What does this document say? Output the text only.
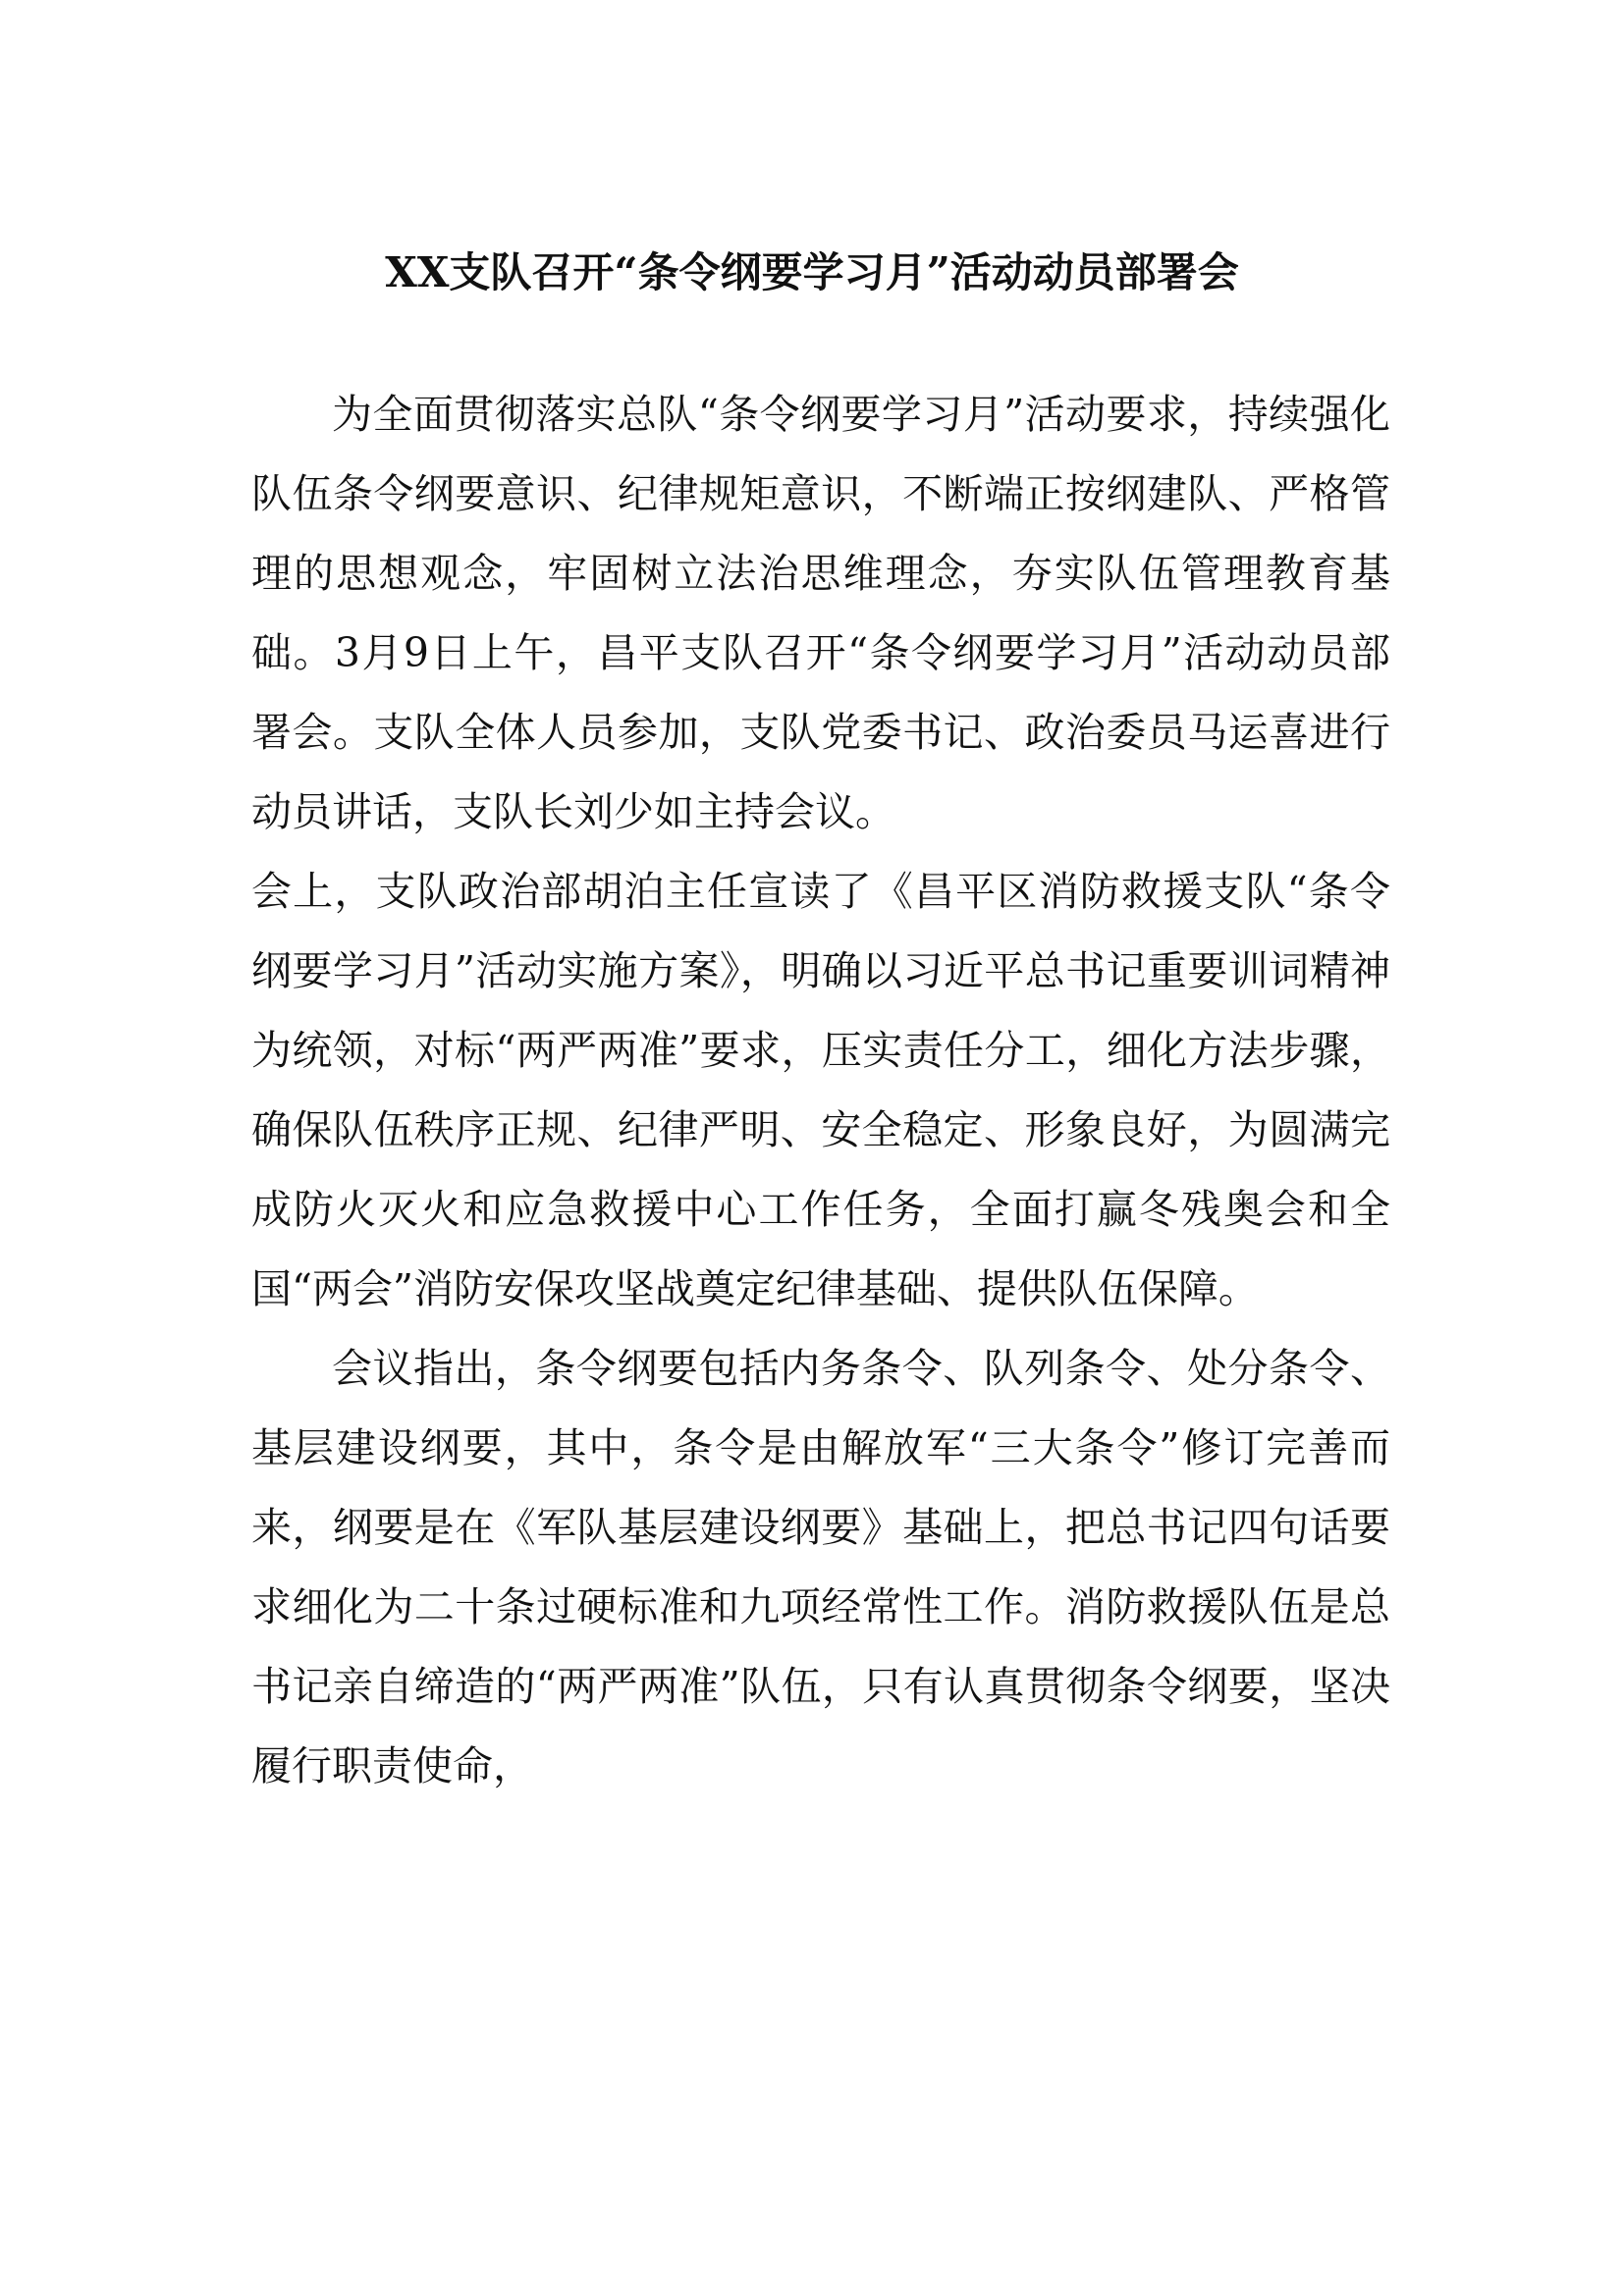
XX支队召开“条令纲要学习月”活动动员部署会

为全面贯彻落实总队“条令纲要学习月”活动要求，持续强化队伍条令纲要意识、纪律规矩意识，不断端正按纲建队、严格管理的思想观念，牢固树立法治思维理念，夯实队伍管理教育基础。3月9日上午，昌平支队召开“条令纲要学习月”活动动员部署会。支队全体人员参加，支队党委书记、政治委员马运喜进行动员讲话，支队长刘少如主持会议。

会上，支队政治部胡泊主任宣读了《昌平区消防救援支队“条令纲要学习月”活动实施方案》，明确以习近平总书记重要训词精神为统领，对标“两严两准”要求，压实责任分工，细化方法步骤，确保队伍秩序正规、纪律严明、安全稳定、形象良好，为圆满完成防火灭火和应急救援中心工作任务，全面打赢冬残奥会和全国“两会”消防安保攻坚战奠定纪律基础、提供队伍保障。

会议指出，条令纲要包括内务条令、队列条令、处分条令、基层建设纲要，其中，条令是由解放军“三大条令”修订完善而来，纲要是在《军队基层建设纲要》基础上，把总书记四句话要求细化为二十条过硬标准和九项经常性工作。消防救援队伍是总书记亲自缔造的“两严两准”队伍，只有认真贯彻条令纲要，坚决履行职责使命，
